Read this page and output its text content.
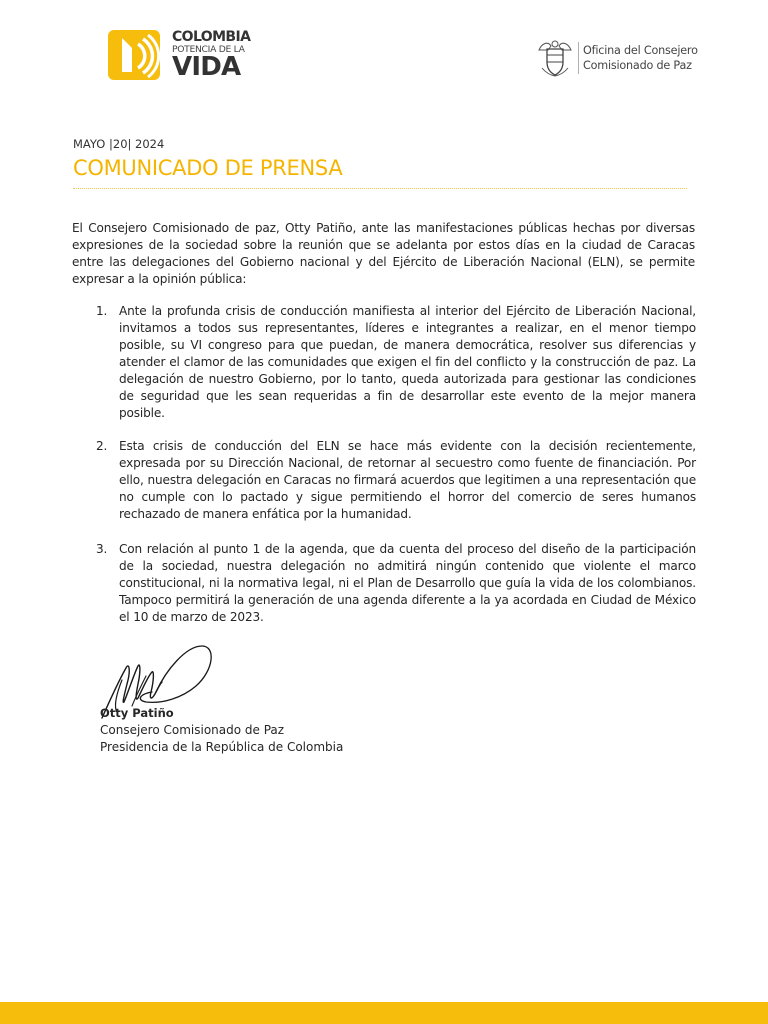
COLOMBIA
POTENCIA DE LA
VIDA
Oficina del Consejero
Comisionado de Paz
MAYO |20| 2024
COMUNICADO DE PRENSA

El Consejero Comisionado de paz, Otty Patiño, ante las manifestaciones públicas hechas por diversas expresiones de la sociedad sobre la reunión que se adelanta por estos días en la ciudad de Caracas entre las delegaciones del Gobierno nacional y del Ejército de Liberación Nacional (ELN), se permite expresar a la opinión pública:

1. Ante la profunda crisis de conducción manifiesta al interior del Ejército de Liberación Nacional, invitamos a todos sus representantes, líderes e integrantes a realizar, en el menor tiempo posible, su VI congreso para que puedan, de manera democrática, resolver sus diferencias y atender el clamor de las comunidades que exigen el fin del conflicto y la construcción de paz. La delegación de nuestro Gobierno, por lo tanto, queda autorizada para gestionar las condiciones de seguridad que les sean requeridas a fin de desarrollar este evento de la mejor manera posible.
2. Esta crisis de conducción del ELN se hace más evidente con la decisión recientemente, expresada por su Dirección Nacional, de retornar al secuestro como fuente de financiación. Por ello, nuestra delegación en Caracas no firmará acuerdos que legitimen a una representación que no cumple con lo pactado y sigue permitiendo el horror del comercio de seres humanos rechazado de manera enfática por la humanidad.
3. Con relación al punto 1 de la agenda, que da cuenta del proceso del diseño de la participación de la sociedad, nuestra delegación no admitirá ningún contenido que violente el marco constitucional, ni la normativa legal, ni el Plan de Desarrollo que guía la vida de los colombianos. Tampoco permitirá la generación de una agenda diferente a la ya acordada en Ciudad de México el 10 de marzo de 2023.
Otty Patiño
Consejero Comisionado de Paz
Presidencia de la República de Colombia
